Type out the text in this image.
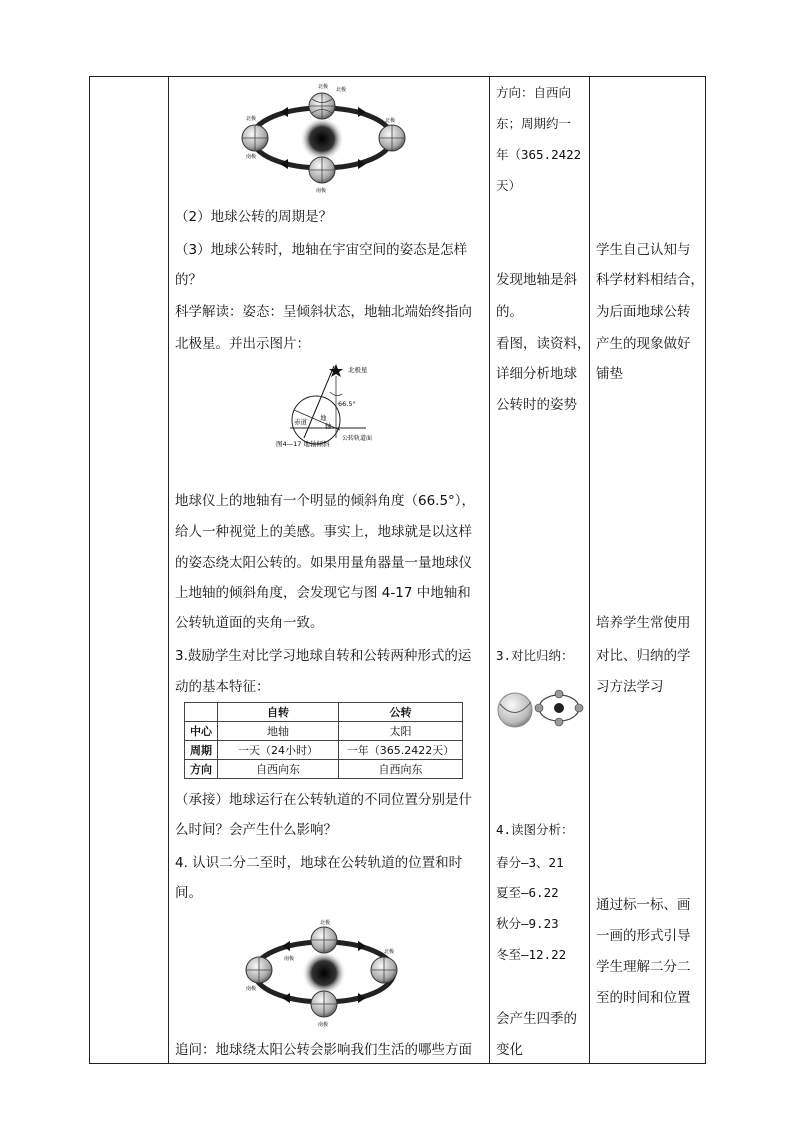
北极 北极
北极
北极
南极
南极
（2）地球公转的周期是？
（3）地球公转时，地轴在宇宙空间的姿态是怎样
的？
科学解读：姿态：呈倾斜状态，地轴北端始终指向
北极星。并出示图片：
北极星
66.5°
赤道 地
轴
公转轨道面
图4—17 地轴倾斜
地球仪上的地轴有一个明显的倾斜角度（66.5°），
给人一种视觉上的美感。事实上，地球就是以这样
的姿态绕太阳公转的。如果用量角器量一量地球仪
上地轴的倾斜角度，会发现它与图 4-17 中地轴和
公转轨道面的夹角一致。
3.鼓励学生对比学习地球自转和公转两种形式的运
动的基本特征：
	自转	公转
中心	地轴	太阳
周期	一天（24小时）	一年（365.2422天）
方向	自西向东	自西向东
（承接）地球运行在公转轨道的不同位置分别是什
么时间？会产生什么影响？
4. 认识二分二至时，地球在公转轨道的位置和时
间。
北极
北极
南极
南极
南极
追问：地球绕太阳公转会影响我们生活的哪些方面
方向：自西向
东；周期约一
年（365.2422
天）
发现地轴是斜
的。
看图，读资料，
详细分析地球
公转时的姿势
3.对比归纳：
4.读图分析：
春分—3、21
夏至—6.22
秋分—9.23
冬至—12.22
会产生四季的
变化
学生自己认知与
科学材料相结合，
为后面地球公转
产生的现象做好
铺垫
培养学生常使用
对比、归纳的学
习方法学习
通过标一标、画
一画的形式引导
学生理解二分二
至的时间和位置
